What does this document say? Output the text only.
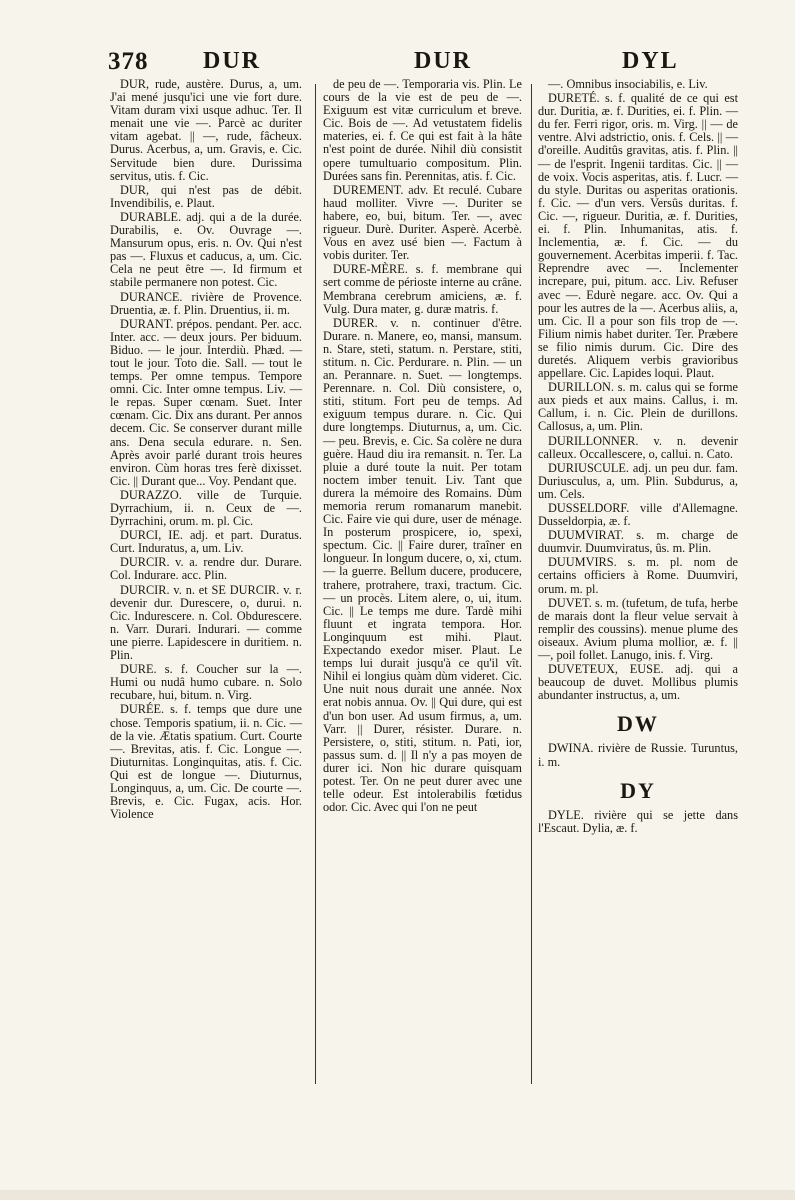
378 DUR	DUR	DYL

DUR, rude, austère. Durus, a, um. J'ai mené jusqu'ici une vie fort dure. Vitam duram vixi usque adhuc. Ter. Il menait une vie —. Parcè ac duriter vitam agebat. || —, rude, fâcheux. Durus. Acerbus, a, um. Gravis, e. Cic. Servitude bien dure. Durissima servitus, utis. f. Cic.

DUR, qui n'est pas de débit. Invendibilis, e. Plaut.

DURABLE. adj. qui a de la durée. Durabilis, e. Ov. Ouvrage —. Mansurum opus, eris. n. Ov. Qui n'est pas —. Fluxus et caducus, a, um. Cic. Cela ne peut être —. Id firmum et stabile permanere non potest. Cic.

DURANCE. rivière de Provence. Druentia, æ. f. Plin. Druentius, ii. m.

DURANT. prépos. pendant. Per. acc. Inter. acc. — deux jours. Per biduum. Biduo. — le jour. Interdiù. Phæd. — tout le jour. Toto die. Sall. — tout le temps. Per omne tempus. Tempore omni. Cic. Inter omne tempus. Liv. — le repas. Super cœnam. Suet. Inter cœnam. Cic. Dix ans durant. Per annos decem. Cic. Se conserver durant mille ans. Dena secula edurare. n. Sen. Après avoir parlé durant trois heures environ. Cùm horas tres ferè dixisset. Cic. || Durant que... Voy. Pendant que.

DURAZZO. ville de Turquie. Dyrrachium, ii. n. Ceux de —. Dyrrachini, orum. m. pl. Cic.

DURCI, IE. adj. et part. Duratus. Curt. Induratus, a, um. Liv.

DURCIR. v. a. rendre dur. Durare. Col. Indurare. acc. Plin.

DURCIR. v. n. et SE DURCIR. v. r. devenir dur. Durescere, o, durui. n. Cic. Indurescere. n. Col. Obdurescere. n. Varr. Durari. Indurari. — comme une pierre. Lapidescere in duritiem. n. Plin.

DURE. s. f. Coucher sur la —. Humi ou nudâ humo cubare. n. Solo recubare, hui, bitum. n. Virg.

DURÉE. s. f. temps que dure une chose. Temporis spatium, ii. n. Cic. — de la vie. Ætatis spatium. Curt. Courte —. Brevitas, atis. f. Cic. Longue —. Diuturnitas. Longinquitas, atis. f. Cic. Qui est de longue —. Diuturnus, Longinquus, a, um. Cic. De courte —. Brevis, e. Cic. Fugax, acis. Hor. Violence

de peu de —. Temporaria vis. Plin. Le cours de la vie est de peu de —. Exiguum est vitæ curriculum et breve. Cic. Bois de —. Ad vetustatem fidelis materies, ei. f. Ce qui est fait à la hâte n'est point de durée. Nihil diù consistit opere tumultuario compositum. Plin. Durées sans fin. Perennitas, atis. f. Cic.

DUREMENT. adv. Et reculé. Cubare haud molliter. Vivre —. Duriter se habere, eo, bui, bitum. Ter. —, avec rigueur. Durè. Duriter. Asperè. Acerbè. Vous en avez usé bien —. Factum à vobis duriter. Ter.

DURE-MÈRE. s. f. membrane qui sert comme de périoste interne au crâne. Membrana cerebrum amiciens, æ. f. Vulg. Dura mater, g. duræ matris. f.

DURER. v. n. continuer d'être. Durare. n. Manere, eo, mansi, mansum. n. Stare, steti, statum. n. Perstare, stiti, stitum. n. Cic. Perdurare. n. Plin. — un an. Perannare. n. Suet. — longtemps. Perennare. n. Col. Diù consistere, o, stiti, stitum. Fort peu de temps. Ad exiguum tempus durare. n. Cic. Qui dure longtemps. Diuturnus, a, um. Cic. — peu. Brevis, e. Cic. Sa colère ne dura guère. Haud diu ira remansit. n. Ter. La pluie a duré toute la nuit. Per totam noctem imber tenuit. Liv. Tant que durera la mémoire des Romains. Dùm memoria rerum romanarum manebit. Cic. Faire vie qui dure, user de ménage. In posterum prospicere, io, spexi, spectum. Cic. || Faire durer, traîner en longueur. In longum ducere, o, xi, ctum. — la guerre. Bellum ducere, producere, trahere, protrahere, traxi, tractum. Cic. — un procès. Litem alere, o, ui, itum. Cic. || Le temps me dure. Tardè mihi fluunt et ingrata tempora. Hor. Longinquum est mihi. Plaut. Expectando exedor miser. Plaut. Le temps lui durait jusqu'à ce qu'il vît. Nihil ei longius quàm dùm videret. Cic. Une nuit nous durait une année. Nox erat nobis annua. Ov. || Qui dure, qui est d'un bon user. Ad usum firmus, a, um. Varr. || Durer, résister. Durare. n. Persistere, o, stiti, stitum. n. Pati, ior, passus sum. d. || Il n'y a pas moyen de durer ici. Non hic durare quisquam potest. Ter. On ne peut durer avec une telle odeur. Est intolerabilis fœtidus odor. Cic. Avec qui l'on ne peut

—. Omnibus insociabilis, e. Liv.

DURETÉ. s. f. qualité de ce qui est dur. Duritia, æ. f. Durities, ei. f. Plin. — du fer. Ferri rigor, oris. m. Virg. || — de ventre. Alvi adstrictio, onis. f. Cels. || — d'oreille. Auditûs gravitas, atis. f. Plin. || — de l'esprit. Ingenii tarditas. Cic. || — de voix. Vocis asperitas, atis. f. Lucr. — du style. Duritas ou asperitas orationis. f. Cic. — d'un vers. Versûs duritas. f. Cic. —, rigueur. Duritia, æ. f. Durities, ei. f. Plin. Inhumanitas, atis. f. Inclementia, æ. f. Cic. — du gouvernement. Acerbitas imperii. f. Tac. Reprendre avec —. Inclementer increpare, pui, pitum. acc. Liv. Refuser avec —. Edurè negare. acc. Ov. Qui a pour les autres de la —. Acerbus aliis, a, um. Cic. Il a pour son fils trop de —. Filium nimis habet duriter. Ter. Præbere se filio nimis durum. Cic. Dire des duretés. Aliquem verbis gravioribus appellare. Cic. Lapides loqui. Plaut.

DURILLON. s. m. calus qui se forme aux pieds et aux mains. Callus, i. m. Callum, i. n. Cic. Plein de durillons. Callosus, a, um. Plin.

DURILLONNER. v. n. devenir calleux. Occallescere, o, callui. n. Cato.

DURIUSCULE. adj. un peu dur. fam. Duriusculus, a, um. Plin. Subdurus, a, um. Cels.

DUSSELDORF. ville d'Allemagne. Dusseldorpia, æ. f.

DUUMVIRAT. s. m. charge de duumvir. Duumviratus, ûs. m. Plin.

DUUMVIRS. s. m. pl. nom de certains officiers à Rome. Duumviri, orum. m. pl.

DUVET. s. m. (tufetum, de tufa, herbe de marais dont la fleur velue servait à remplir des coussins). menue plume des oiseaux. Avium pluma mollior, æ. f. || —, poil follet. Lanugo, inis. f. Virg.

DUVETEUX, EUSE. adj. qui a beaucoup de duvet. Mollibus plumis abundanter instructus, a, um.

DW

DWINA. rivière de Russie. Turuntus, i. m.

DY

DYLE. rivière qui se jette dans l'Escaut. Dylia, æ. f.
